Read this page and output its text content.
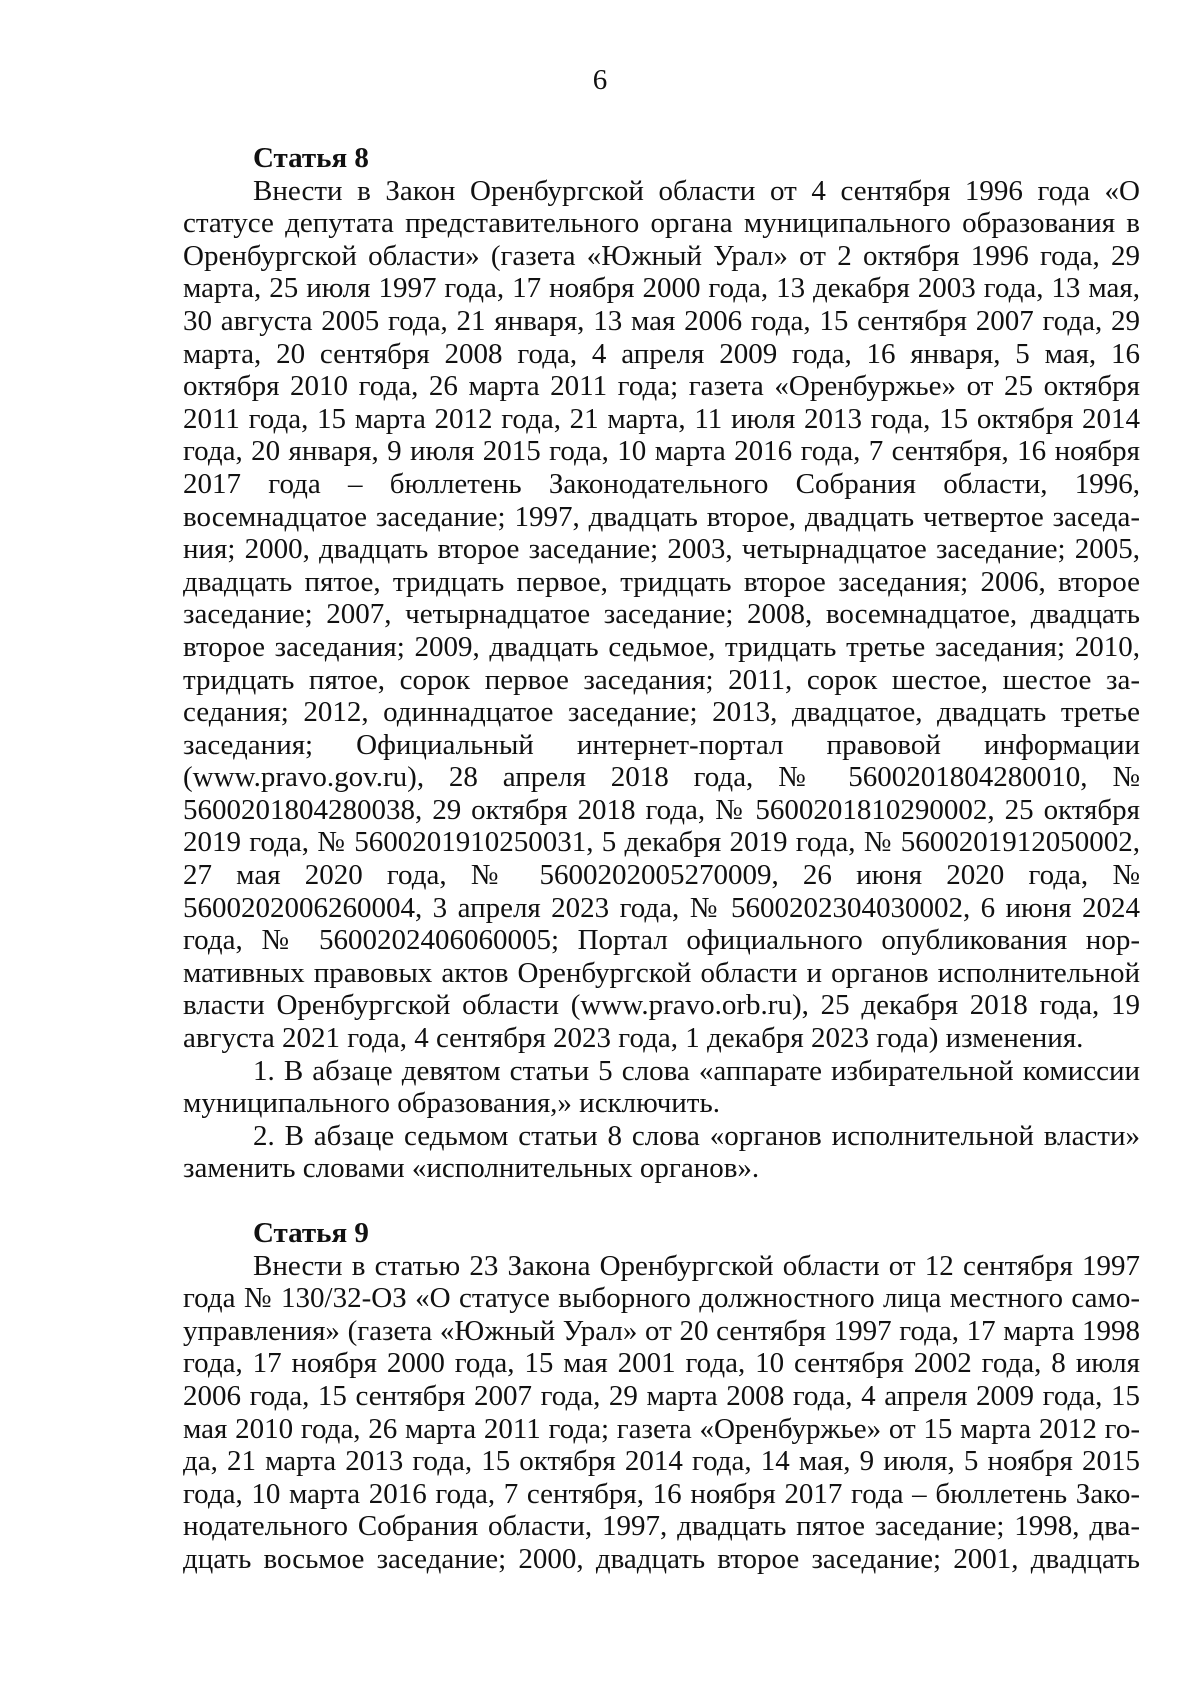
6
Статья 8

Внести в Закон Оренбургской области от 4 сентября 1996 года «О статусе депутата представительного органа муниципального образования в Оренбургской области» (газета «Южный Урал» от 2 октября 1996 года, 29 марта, 25 июля 1997 года, 17 ноября 2000 года, 13 декабря 2003 года, 13 мая, 30 августа 2005 года, 21 января, 13 мая 2006 года, 15 сентября 2007 года, 29 марта, 20 сентября 2008 года, 4 апреля 2009 года, 16 января, 5 мая, 16 октября 2010 года, 26 марта 2011 года; газета «Оренбуржье» от 25 октября 2011 года, 15 марта 2012 года, 21 марта, 11 июля 2013 года, 15 октября 2014 года, 20 января, 9 июля 2015 года, 10 марта 2016 года, 7 сентября, 16 ноября 2017 года – бюллетень Законодательного Собрания области, 1996, восемнадцатое заседание; 1997, двадцать второе, двадцать четвертое заседания; 2000, двадцать второе заседание; 2003, четырнадцатое заседание; 2005, двадцать пятое, тридцать первое, тридцать второе заседания; 2006, второе заседание; 2007, четырнадцатое заседание; 2008, восемнадцатое, двадцать второе заседания; 2009, двадцать седьмое, тридцать третье заседания; 2010, тридцать пятое, сорок первое заседания; 2011, сорок шестое, шестое заседания; 2012, одиннадцатое заседание; 2013, двадцатое, двадцать третье заседания; Официальный интернет-портал правовой информации (www.pravo.gov.ru), 28 апреля 2018 года, № 5600201804280010, № 5600201804280038, 29 октября 2018 года, № 5600201810290002, 25 октября 2019 года, № 5600201910250031, 5 декабря 2019 года, № 5600201912050002, 27 мая 2020 года, № 5600202005270009, 26 июня 2020 года, № 5600202006260004, 3 апреля 2023 года, № 5600202304030002, 6 июня 2024 года, № 5600202406060005; Портал официального опубликования нормативных правовых актов Оренбургской области и органов исполнительной власти Оренбургской области (www.pravo.orb.ru), 25 декабря 2018 года, 19 августа 2021 года, 4 сентября 2023 года, 1 декабря 2023 года) изменения.

1. В абзаце девятом статьи 5 слова «аппарате избирательной комиссии муниципального образования,» исключить.

2. В абзаце седьмом статьи 8 слова «органов исполнительной власти» заменить словами «исполнительных органов».

Статья 9

Внести в статью 23 Закона Оренбургской области от 12 сентября 1997 года № 130/32-ОЗ «О статусе выборного должностного лица местного самоуправления» (газета «Южный Урал» от 20 сентября 1997 года, 17 марта 1998 года, 17 ноября 2000 года, 15 мая 2001 года, 10 сентября 2002 года, 8 июля 2006 года, 15 сентября 2007 года, 29 марта 2008 года, 4 апреля 2009 года, 15 мая 2010 года, 26 марта 2011 года; газета «Оренбуржье» от 15 марта 2012 года, 21 марта 2013 года, 15 октября 2014 года, 14 мая, 9 июля, 5 ноября 2015 года, 10 марта 2016 года, 7 сентября, 16 ноября 2017 года – бюллетень Законодательного Собрания области, 1997, двадцать пятое заседание; 1998, двадцать восьмое заседание; 2000, двадцать второе заседание; 2001, двадцать
